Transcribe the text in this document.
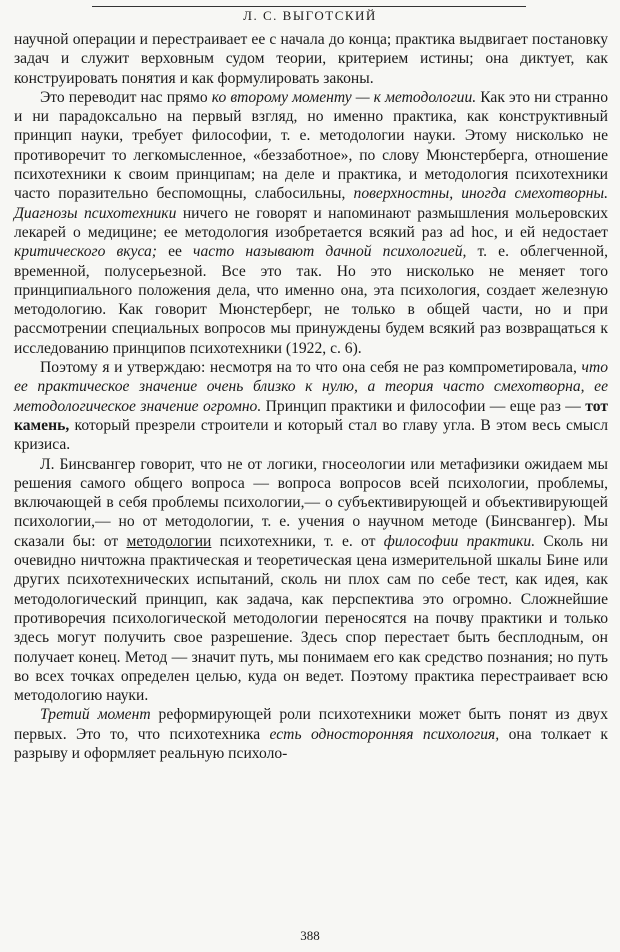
Л. С. ВЫГОТСКИЙ

научной операции и перестраивает ее с начала до конца; практика выдвигает постановку задач и служит верховным судом теории, критерием истины; она диктует, как конструировать понятия и как формулировать законы.

Это переводит нас прямо ко второму моменту — к методологии. Как это ни странно и ни парадоксально на первый взгляд, но именно практика, как конструктивный принцип науки, требует философии, т. е. методологии науки. Этому нисколько не противоречит то легкомысленное, «беззаботное», по слову Мюнстерберга, отношение психотехники к своим принципам; на деле и практика, и методология психотехники часто поразительно беспомощны, слабосильны, поверхностны, иногда смехотворны. Диагнозы психотехники ничего не говорят и напоминают размышления мольеровских лекарей о медицине; ее методология изобретается всякий раз ad hoc, и ей недостает критического вкуса; ее часто называют дачной психологией, т. е. облегченной, временной, полусерьезной. Все это так. Но это нисколько не меняет того принципиального положения дела, что именно она, эта психология, создает железную методологию. Как говорит Мюнстерберг, не только в общей части, но и при рассмотрении специальных вопросов мы принуждены будем всякий раз возвращаться к исследованию принципов психотехники (1922, с. 6).

Поэтому я и утверждаю: несмотря на то что она себя не раз компрометировала, что ее практическое значение очень близко к нулю, а теория часто смехотворна, ее методологическое значение огромно. Принцип практики и философии — еще раз — тот камень, который презрели строители и который стал во главу угла. В этом весь смысл кризиса.

Л. Бинсвангер говорит, что не от логики, гносеологии или метафизики ожидаем мы решения самого общего вопроса — вопроса вопросов всей психологии, проблемы, включающей в себя проблемы психологии,— о субъективирующей и объективирующей психологии,— но от методологии, т. е. учения о научном методе (Бинсвангер). Мы сказали бы: от методологии психотехники, т. е. от философии практики. Сколь ни очевидно ничтожна практическая и теоретическая цена измерительной шкалы Бине или других психотехнических испытаний, сколь ни плох сам по себе тест, как идея, как методологический принцип, как задача, как перспектива это огромно. Сложнейшие противоречия психологической методологии переносятся на почву практики и только здесь могут получить свое разрешение. Здесь спор перестает быть бесплодным, он получает конец. Метод — значит путь, мы понимаем его как средство познания; но путь во всех точках определен целью, куда он ведет. Поэтому практика перестраивает всю методологию науки.

Третий момент реформирующей роли психотехники может быть понят из двух первых. Это то, что психотехника есть односторонняя психология, она толкает к разрыву и оформляет реальную психоло-

388
